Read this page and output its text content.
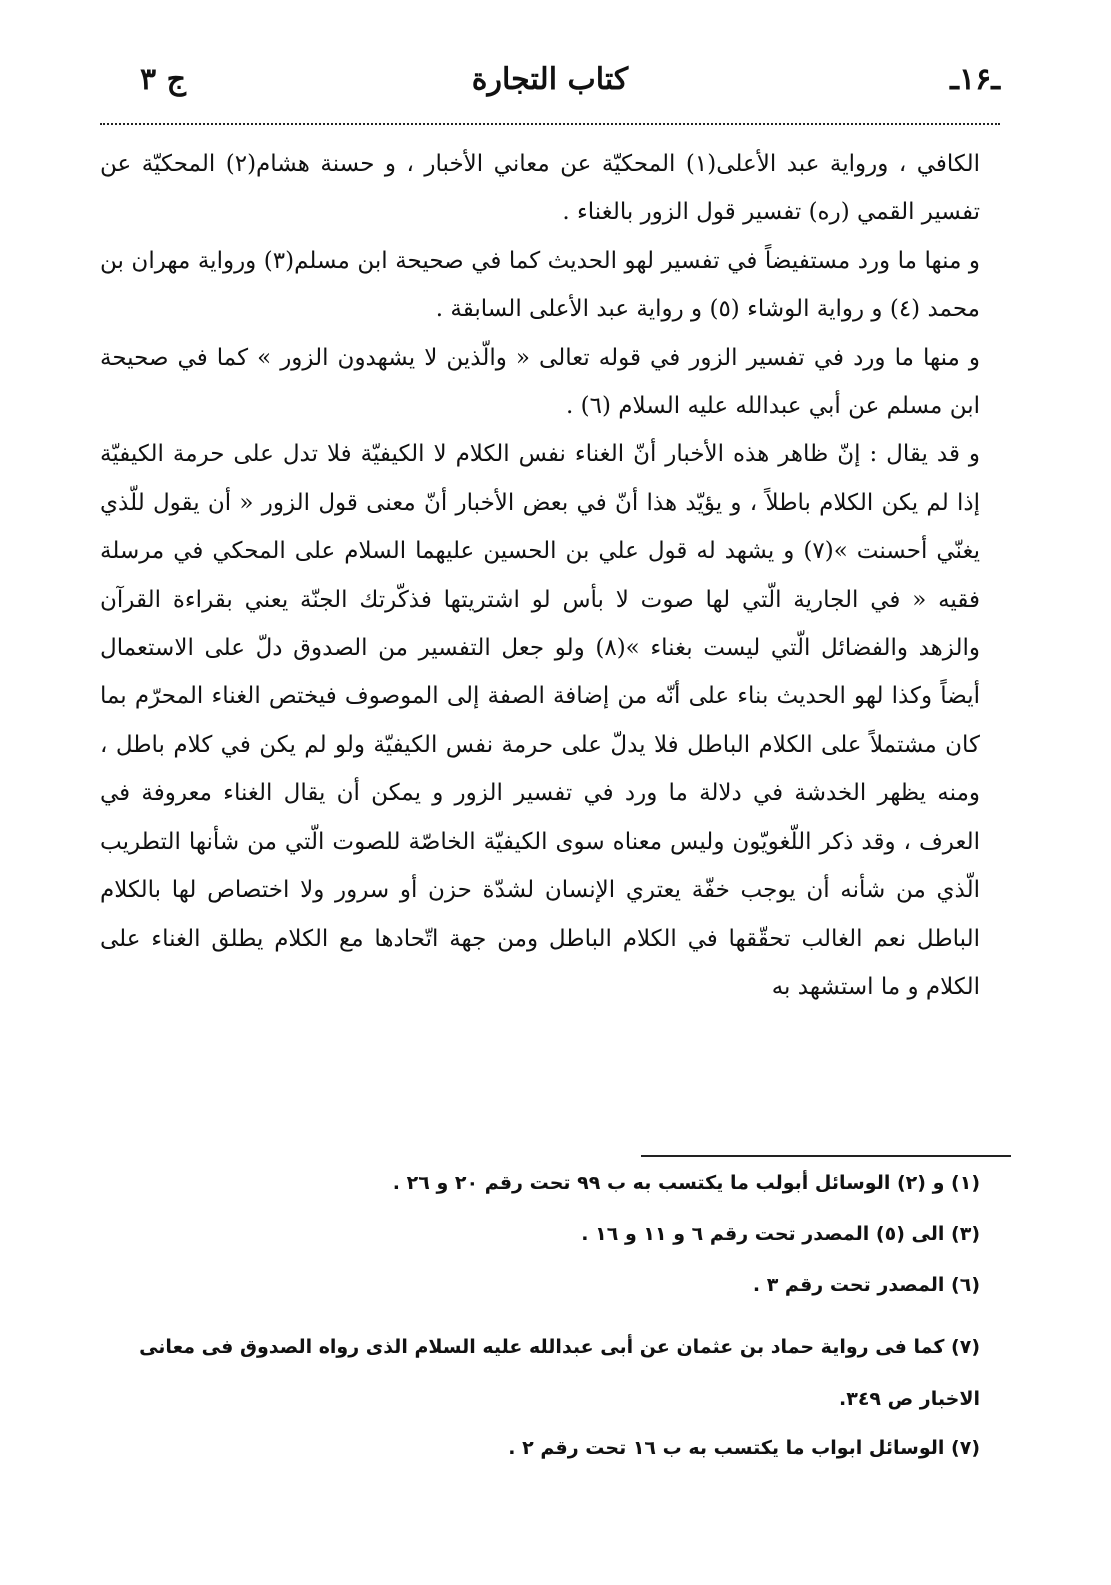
ـ١۶ـ
كتاب التجارة
ج ٣

الكافي ، ورواية عبد الأعلى(١) المحكيّة عن معاني الأخبار ، و حسنة هشام(٢) المحكيّة عن تفسير القمي (ره) تفسير قول الزور بالغناء .

و منها ما ورد مستفيضاً في تفسير لهو الحديث كما في صحيحة ابن مسلم(٣) ورواية مهران بن محمد (٤) و رواية الوشاء (٥) و رواية عبد الأعلى السابقة .

و منها ما ورد في تفسير الزور في قوله تعالى « والّذين لا يشهدون الزور » كما في صحيحة ابن مسلم عن أبي عبدالله عليه السلام (٦) .

و قد يقال : إنّ ظاهر هذه الأخبار أنّ الغناء نفس الكلام لا الكيفيّة فلا تدل على حرمة الكيفيّة إذا لم يكن الكلام باطلاً ، و يؤيّد هذا أنّ في بعض الأخبار أنّ معنى قول الزور « أن يقول للّذي يغنّي أحسنت »(٧) و يشهد له قول علي بن الحسين عليهما السلام على المحكي في مرسلة فقيه « في الجارية الّتي لها صوت لا بأس لو اشتريتها فذكّرتك الجنّة يعني بقراءة القرآن والزهد والفضائل الّتي ليست بغناء »(٨) ولو جعل التفسير من الصدوق دلّ على الاستعمال أيضاً وكذا لهو الحديث بناء على أنّه من إضافة الصفة إلى الموصوف فيختص الغناء المحرّم بما كان مشتملاً على الكلام الباطل فلا يدلّ على حرمة نفس الكيفيّة ولو لم يكن في كلام باطل ، ومنه يظهر الخدشة في دلالة ما ورد في تفسير الزور و يمكن أن يقال الغناء معروفة في العرف ، وقد ذكر اللّغويّون وليس معناه سوى الكيفيّة الخاصّة للصوت الّتي من شأنها التطريب الّذي من شأنه أن يوجب خفّة يعتري الإنسان لشدّة حزن أو سرور ولا اختصاص لها بالكلام الباطل نعم الغالب تحقّقها في الكلام الباطل ومن جهة اتّحادها مع الكلام يطلق الغناء على الكلام و ما استشهد به

(١) و (٢) الوسائل أبولب ما يكتسب به ب ٩٩ تحت رقم ٢٠ و ٢٦ .

(٣) الى (٥) المصدر تحت رقم ٦ و ١١ و ١٦ .

(٦) المصدر تحت رقم ٣ .

(٧) كما فى رواية حماد بن عثمان عن أبى عبدالله عليه السلام الذى رواه الصدوق فى معانى الاخبار ص ٣٤٩.

(٧) الوسائل ابواب ما يكتسب به ب ١٦ تحت رقم ٢ .
